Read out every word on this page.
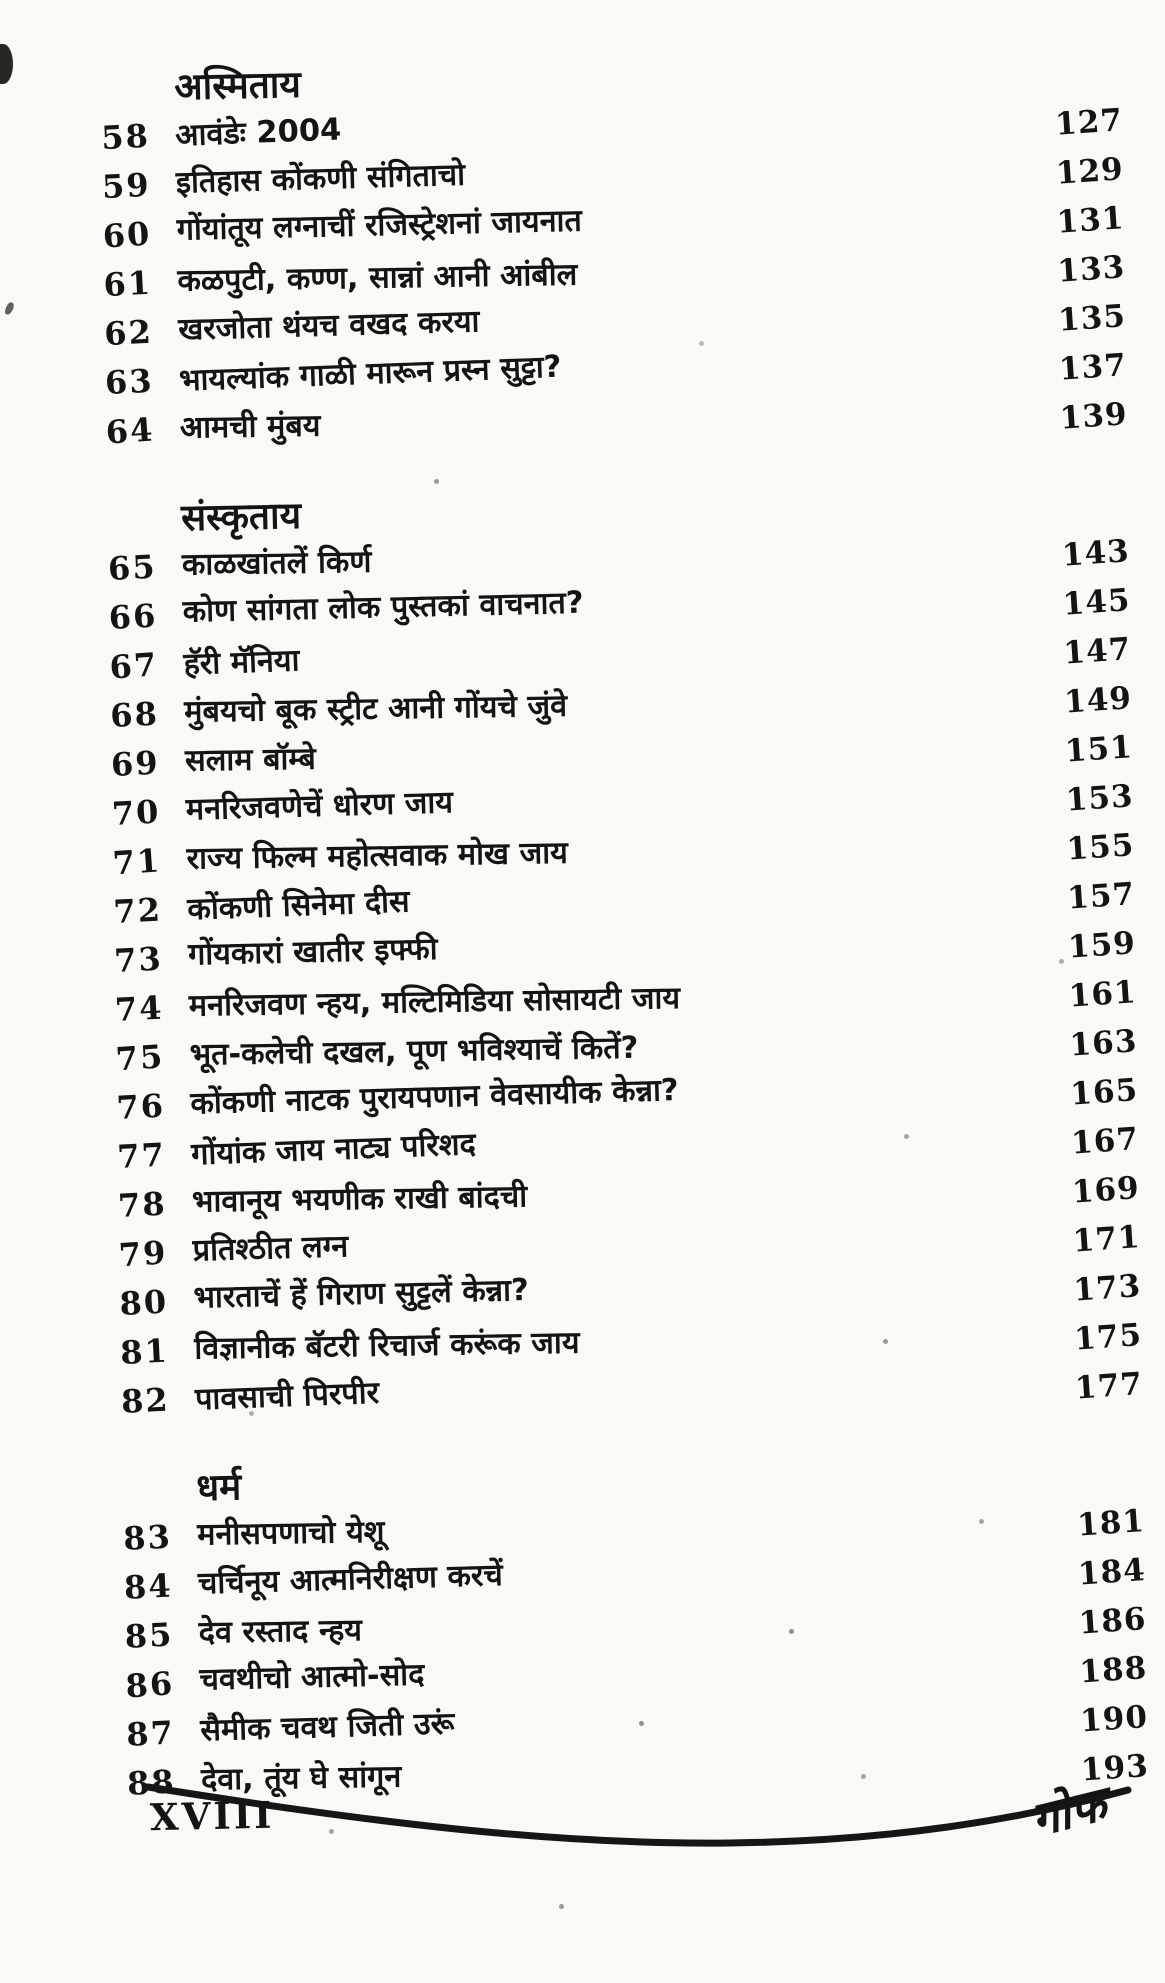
अस्मिताय
58 आवंडेः 2004	127
59 इतिहास कोंकणी संगिताचो	129
60 गोंयांतूय लग्नाचीं रजिस्ट्रेशनां जायनात	131
61 कळपुटी, कण्ण, सान्नां आनी आंबील	133
62 खरजोता थंयच वखद करया	135
63 भायल्यांक गाळी मारून प्रस्न सुट्टा?	137
64 आमची मुंबय	139
संस्कृताय
65 काळखांतलें किर्ण	143
66 कोण सांगता लोक पुस्तकां वाचनात?	145
67 हॅरी मॅनिया	147
68 मुंबयचो बूक स्ट्रीट आनी गोंयचे जुंवे	149
69 सलाम बॉम्बे	151
70 मनरिजवणेचें धोरण जाय	153
71 राज्य फिल्म महोत्सवाक मोख जाय	155
72 कोंकणी सिनेमा दीस	157
73 गोंयकारां खातीर इफ्फी	159
74 मनरिजवण न्हय, मल्टिमिडिया सोसायटी जाय	161
75 भूत-कलेची दखल, पूण भविश्याचें कितें?	163
76 कोंकणी नाटक पुरायपणान वेवसायीक केन्ना?	165
77 गोंयांक जाय नाट्य परिशद	167
78 भावानूय भयणीक राखी बांदची	169
79 प्रतिश्ठीत लग्न	171
80 भारताचें हें गिराण सुट्टलें केन्ना?	173
81 विज्ञानीक बॅटरी रिचार्ज करूंक जाय	175
82 पावसाची पिरपीर	177
धर्म
83 मनीसपणाचो येशू	181
84 चर्चिनूय आत्मनिरीक्षण करचें	184
85 देव रस्ताद न्हय	186
86 चवथीचो आत्मो-सोद	188
87 सैमीक चवथ जिती उरूं	190
88 देवा, तूंय घे सांगून	193
XVIII	गोफ
